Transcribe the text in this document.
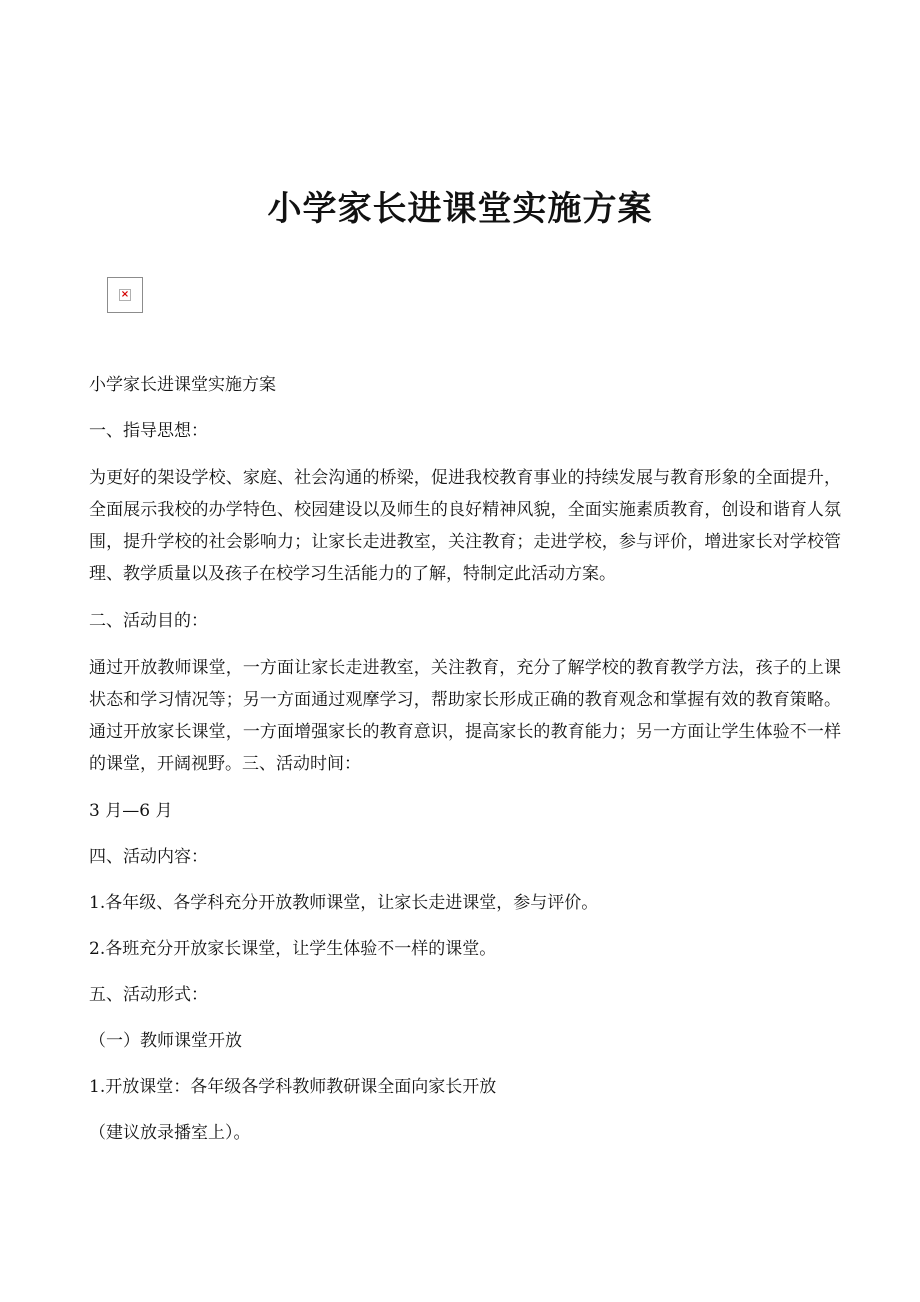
小学家长进课堂实施方案
×

小学家长进课堂实施方案

一、指导思想：

为更好的架设学校、家庭、社会沟通的桥梁，促进我校教育事业的持续发展与教育形象的全面提升，全面展示我校的办学特色、校园建设以及师生的良好精神风貌，全面实施素质教育，创设和谐育人氛围，提升学校的社会影响力；让家长走进教室，关注教育；走进学校，参与评价，增进家长对学校管理、教学质量以及孩子在校学习生活能力的了解，特制定此活动方案。

二、活动目的：

通过开放教师课堂，一方面让家长走进教室，关注教育，充分了解学校的教育教学方法，孩子的上课状态和学习情况等；另一方面通过观摩学习，帮助家长形成正确的教育观念和掌握有效的教育策略。通过开放家长课堂，一方面增强家长的教育意识，提高家长的教育能力；另一方面让学生体验不一样的课堂，开阔视野。三、活动时间：

3 月—6 月

四、活动内容：

1.各年级、各学科充分开放教师课堂，让家长走进课堂，参与评价。

2.各班充分开放家长课堂，让学生体验不一样的课堂。

五、活动形式：

（一）教师课堂开放

1.开放课堂：各年级各学科教师教研课全面向家长开放

（建议放录播室上）。
